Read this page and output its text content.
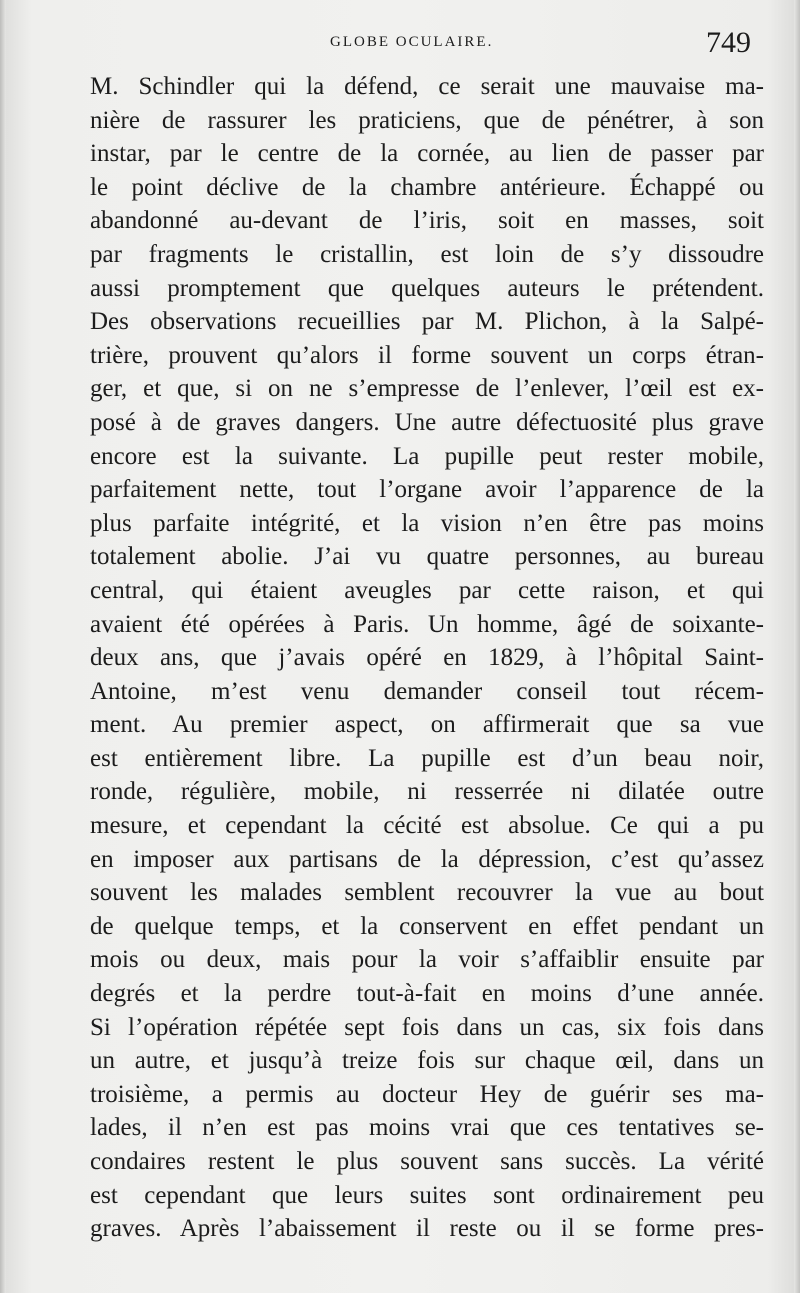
GLOBE OCULAIRE.	749
M. Schindler qui la défend, ce serait une mauvaise ma-
nière de rassurer les praticiens, que de pénétrer, à son
instar, par le centre de la cornée, au lien de passer par
le point déclive de la chambre antérieure. Échappé ou
abandonné au-devant de l’iris, soit en masses, soit
par fragments le cristallin, est loin de s’y dissoudre
aussi promptement que quelques auteurs le prétendent.
Des observations recueillies par M. Plichon, à la Salpé-
trière, prouvent qu’alors il forme souvent un corps étran-
ger, et que, si on ne s’empresse de l’enlever, l’œil est ex-
posé à de graves dangers. Une autre défectuosité plus grave
encore est la suivante. La pupille peut rester mobile,
parfaitement nette, tout l’organe avoir l’apparence de la
plus parfaite intégrité, et la vision n’en être pas moins
totalement abolie. J’ai vu quatre personnes, au bureau
central, qui étaient aveugles par cette raison, et qui
avaient été opérées à Paris. Un homme, âgé de soixante-
deux ans, que j’avais opéré en 1829, à l’hôpital Saint-
Antoine, m’est venu demander conseil tout récem-
ment. Au premier aspect, on affirmerait que sa vue
est entièrement libre. La pupille est d’un beau noir,
ronde, régulière, mobile, ni resserrée ni dilatée outre
mesure, et cependant la cécité est absolue. Ce qui a pu
en imposer aux partisans de la dépression, c’est qu’assez
souvent les malades semblent recouvrer la vue au bout
de quelque temps, et la conservent en effet pendant un
mois ou deux, mais pour la voir s’affaiblir ensuite par
degrés et la perdre tout-à-fait en moins d’une année.
Si l’opération répétée sept fois dans un cas, six fois dans
un autre, et jusqu’à treize fois sur chaque œil, dans un
troisième, a permis au docteur Hey de guérir ses ma-
lades, il n’en est pas moins vrai que ces tentatives se-
condaires restent le plus souvent sans succès. La vérité
est cependant que leurs suites sont ordinairement peu
graves. Après l’abaissement il reste ou il se forme pres-
